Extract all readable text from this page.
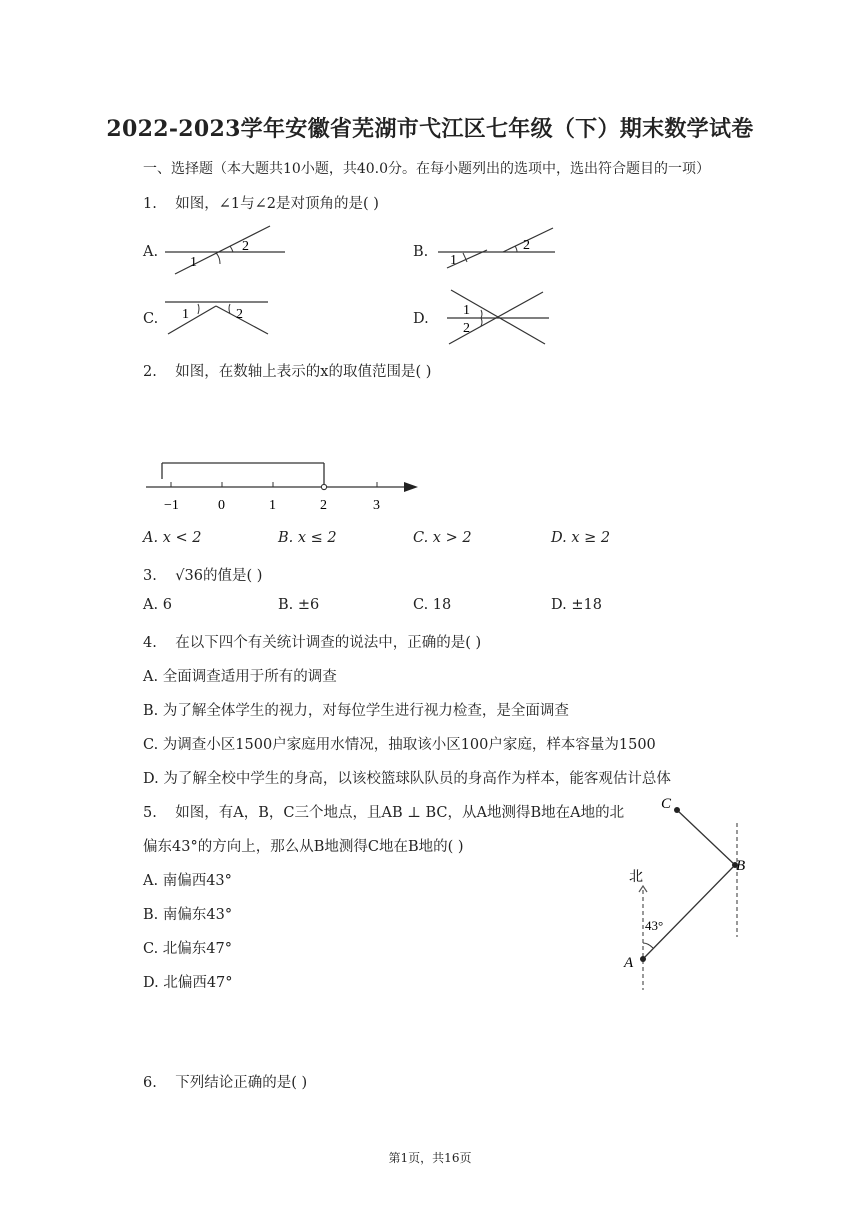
2022-2023学年安徽省芜湖市弋江区七年级（下）期末数学试卷
一、选择题（本大题共10小题，共40.0分。在每小题列出的选项中，选出符合题目的一项）
1. 如图，∠1与∠2是对顶角的是( )
A.
1
2	B.
1
2
C. 1	2	D.
1
2
2. 如图，在数轴上表示的x的取值范围是( )
−1	0	1	2	3
A. x < 2	B. x ≤ 2	C. x > 2	D. x ≥ 2
3. √36的值是( )
A. 6	B. ±6	C. 18	D. ±18
4. 在以下四个有关统计调查的说法中，正确的是( )
A. 全面调查适用于所有的调查
B. 为了解全体学生的视力，对每位学生进行视力检查，是全面调查
C. 为调查小区1500户家庭用水情况，抽取该小区100户家庭，样本容量为1500
D. 为了解全校中学生的身高，以该校篮球队队员的身高作为样本，能客观估计总体
5. 如图，有A，B，C三个地点，且AB ⊥ BC，从A地测得B地在A地的北
偏东43°的方向上，那么从B地测得C地在B地的( )
A. 南偏西43°
B. 南偏东43°
C. 北偏东47°
D. 北偏西47°
C
B
A
北
43°
6. 下列结论正确的是( )
第1页，共16页
